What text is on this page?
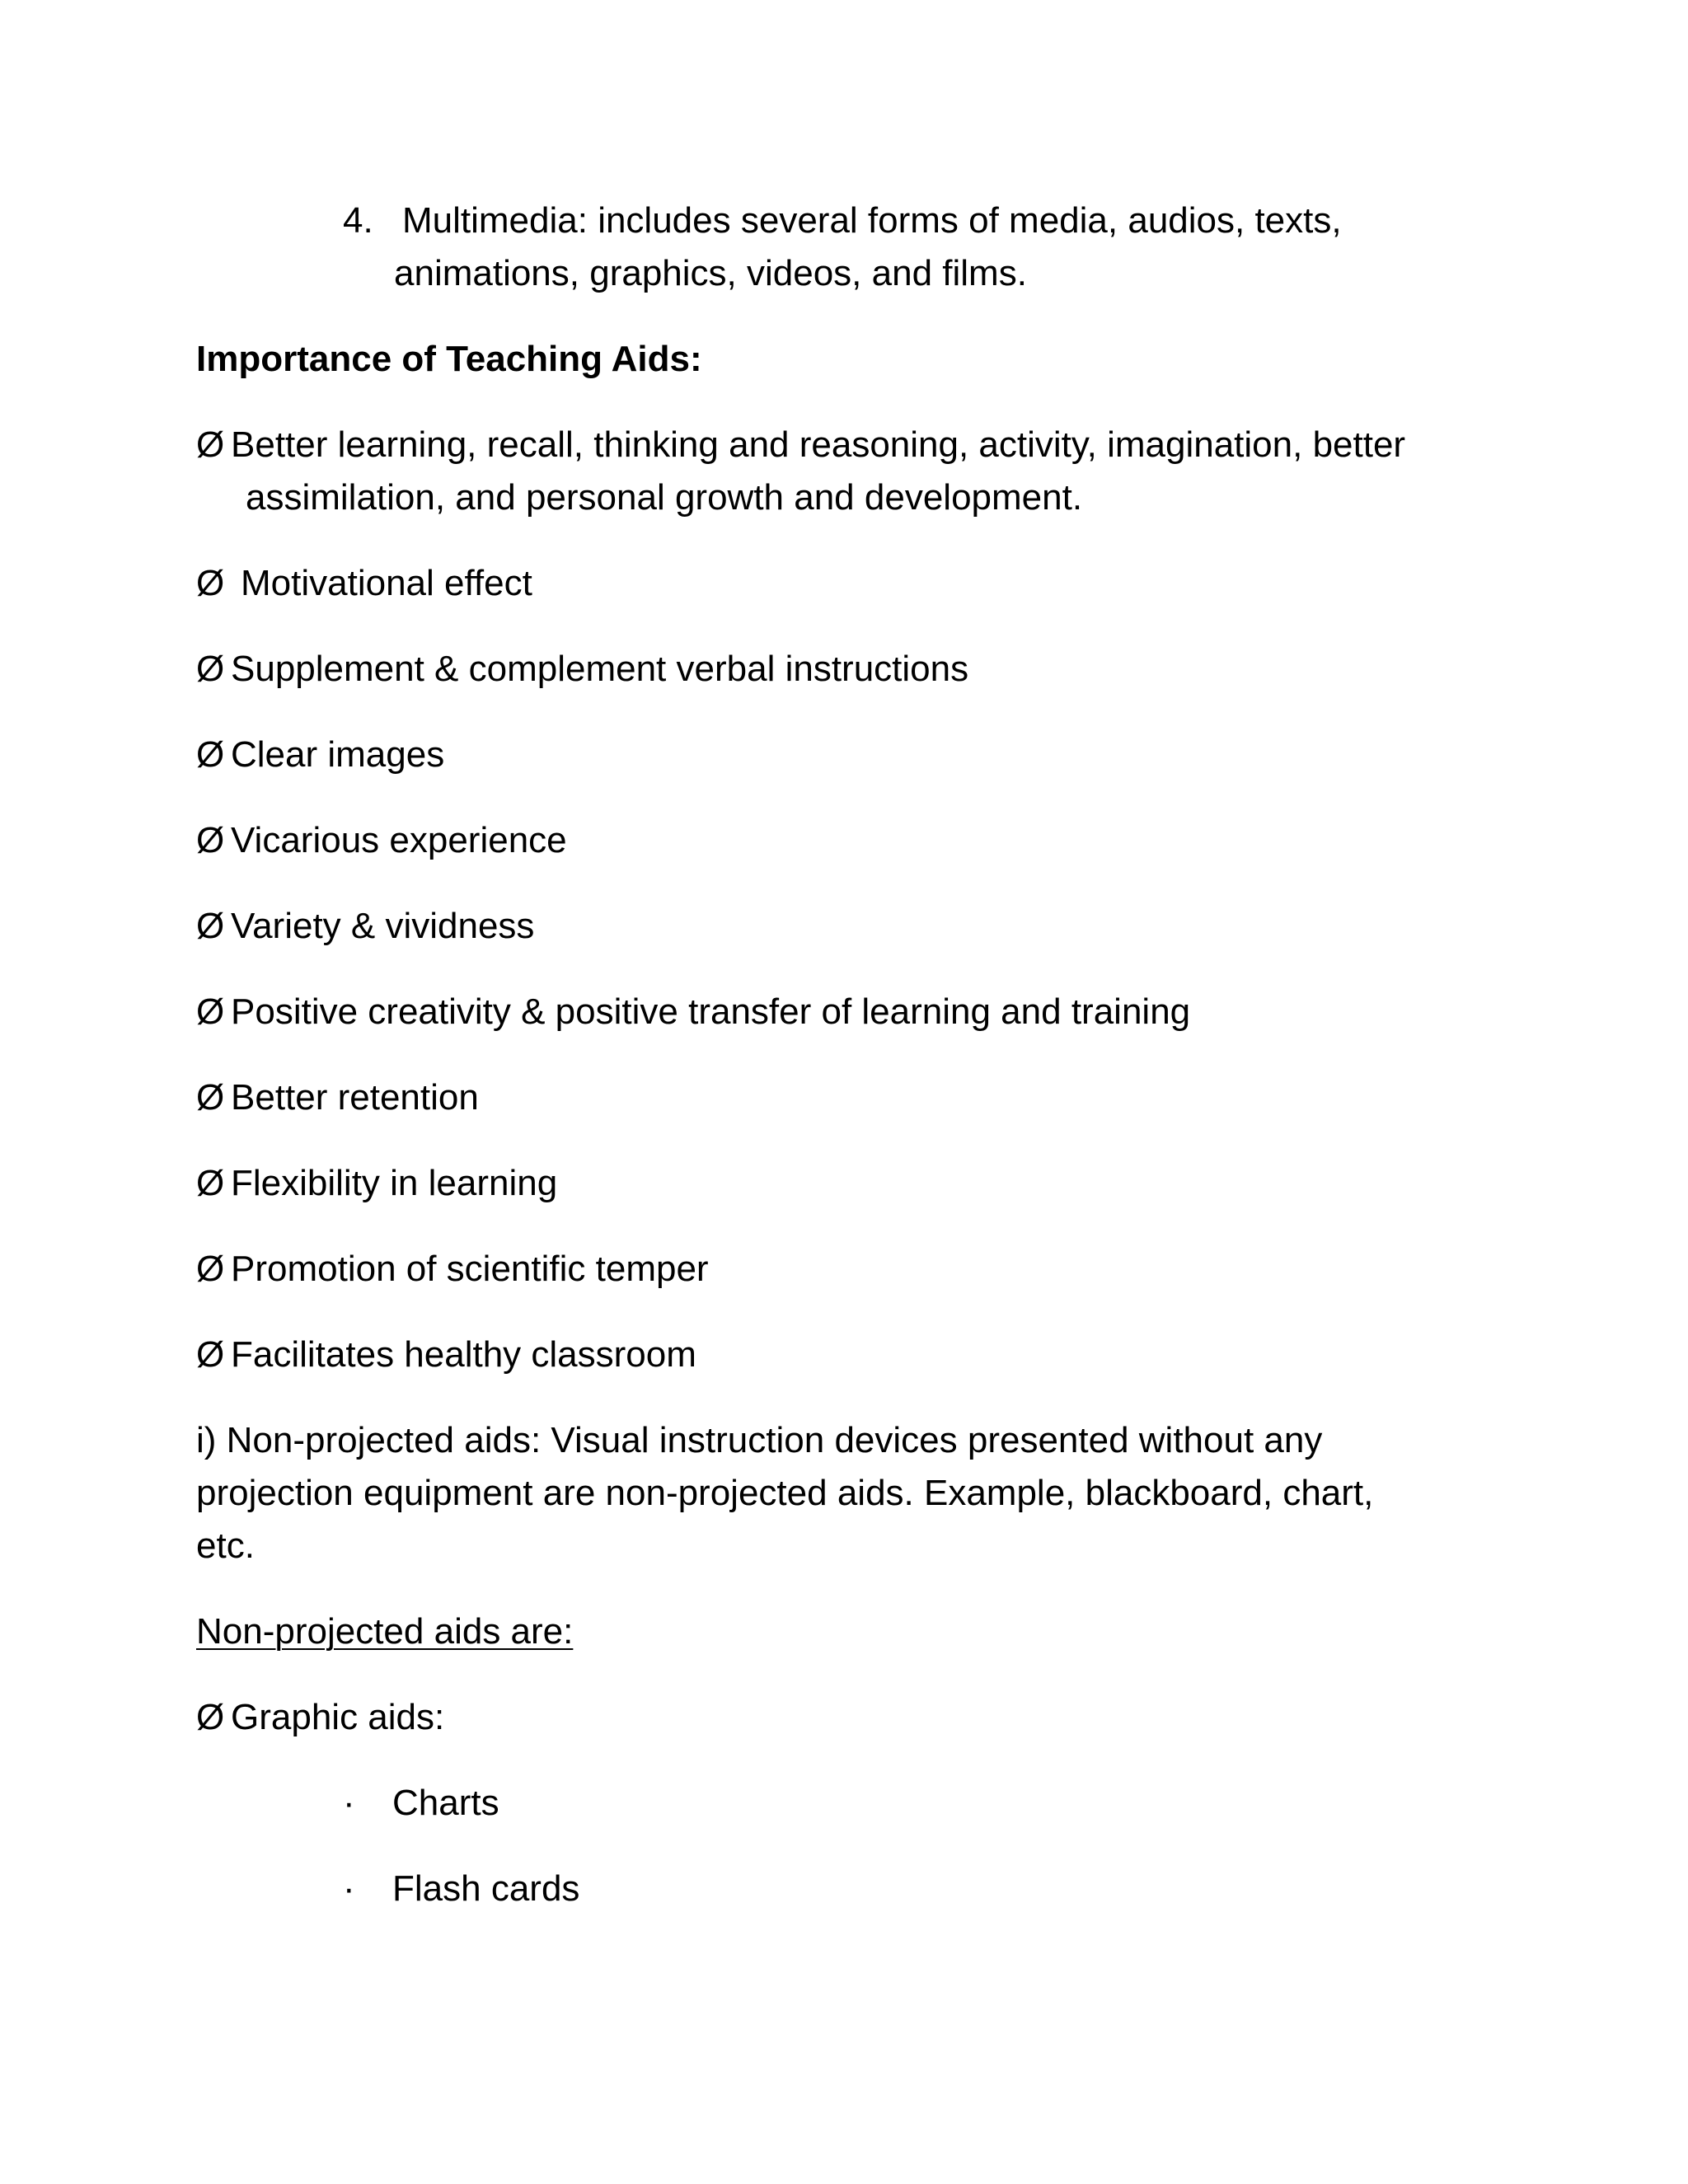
4. Multimedia: includes several forms of media, audios, texts,

animations, graphics, videos, and films.

Importance of Teaching Aids:

Ø Better learning, recall, thinking and reasoning, activity, imagination, better

assimilation, and personal growth and development.

Ø Motivational effect

Ø Supplement & complement verbal instructions

Ø Clear images

Ø Vicarious experience

Ø Variety & vividness

Ø Positive creativity & positive transfer of learning and training

Ø Better retention

Ø Flexibility in learning

Ø Promotion of scientific temper

Ø Facilitates healthy classroom

i) Non-projected aids: Visual instruction devices presented without any

projection equipment are non-projected aids. Example, blackboard, chart,

etc.

Non-projected aids are:

Ø Graphic aids:

· Charts

· Flash cards
